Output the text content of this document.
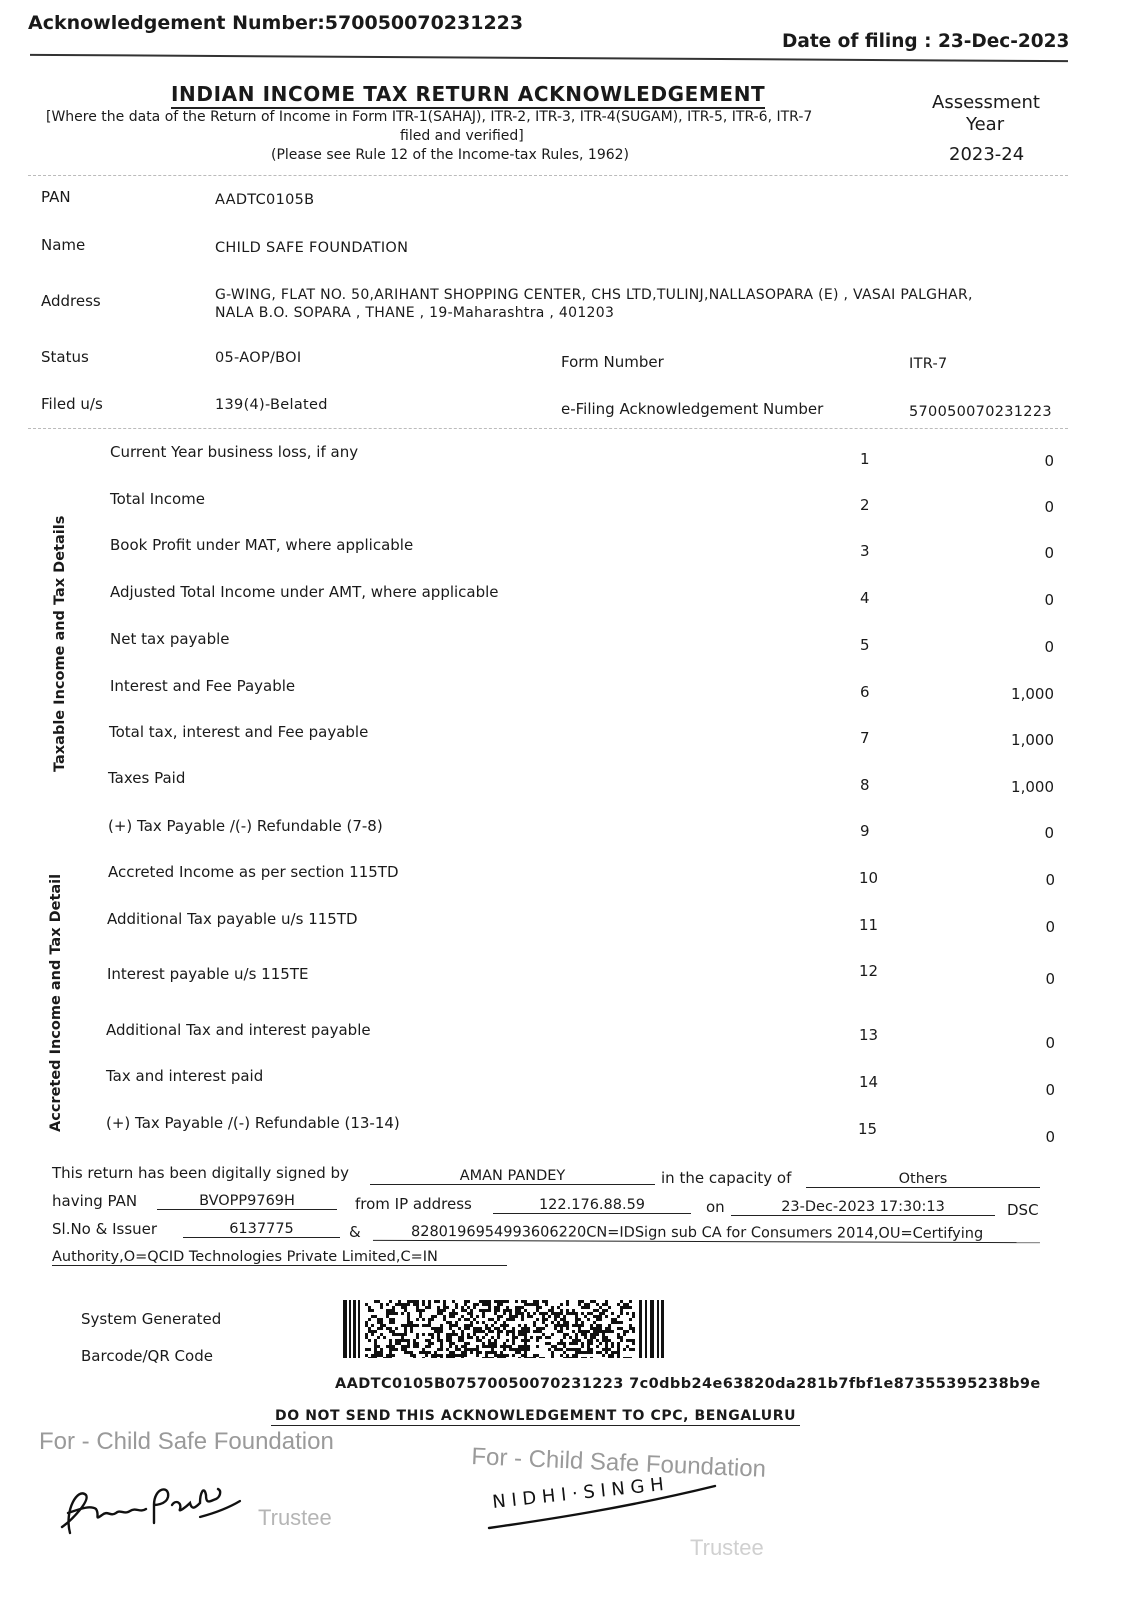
Acknowledgement Number:570050070231223
Date of filing : 23-Dec-2023
INDIAN INCOME TAX RETURN ACKNOWLEDGEMENT
[Where the data of the Return of Income in Form ITR-1(SAHAJ), ITR-2, ITR-3, ITR-4(SUGAM), ITR-5, ITR-6, ITR-7
filed and verified]
(Please see Rule 12 of the Income-tax Rules, 1962)
Assessment
Year
2023-24
PAN	AADTC0105B
Name	CHILD SAFE FOUNDATION
Address	G-WING, FLAT NO. 50,ARIHANT SHOPPING CENTER, CHS LTD,TULINJ,NALLASOPARA (E) , VASAI PALGHAR,
NALA B.O. SOPARA , THANE , 19-Maharashtra , 401203
Status	05-AOP/BOI	Form Number	ITR-7
Filed u/s	139(4)-Belated	e-Filing Acknowledgement Number	570050070231223
Taxable Income and Tax Details
Accreted Income and Tax Detail
Current Year business loss, if any	1	0
Total Income	2	0
Book Profit under MAT, where applicable	3	0
Adjusted Total Income under AMT, where applicable	4	0
Net tax payable	5	0
Interest and Fee Payable	6	1,000
Total tax, interest and Fee payable	7	1,000
Taxes Paid	8	1,000
(+) Tax Payable /(-) Refundable (7-8)	9	0
Accreted Income as per section 115TD	10	0
Additional Tax payable u/s 115TD	11	0
Interest payable u/s 115TE	12	0
Additional Tax and interest payable	13	0
Tax and interest paid	14	0
(+) Tax Payable /(-) Refundable (13-14)	15	0
This return has been digitally signed by	AMAN PANDEY	in the capacity of	Others
having PAN	BVOPP9769H	from IP address	122.176.88.59	on	23-Dec-2023 17:30:13	DSC
Sl.No & Issuer	6137775	&	8280196954993606220CN=IDSign sub CA for Consumers 2014,OU=Certifying
Authority,O=QCID Technologies Private Limited,C=IN
System Generated
Barcode/QR Code
AADTC0105B07570050070231223 7c0dbb24e63820da281b7fbf1e87355395238b9e
DO NOT SEND THIS ACKNOWLEDGEMENT TO CPC, BENGALURU
For - Child Safe Foundation
For - Child Safe Foundation
Trustee
Trustee
N I D H I · S I N G H
